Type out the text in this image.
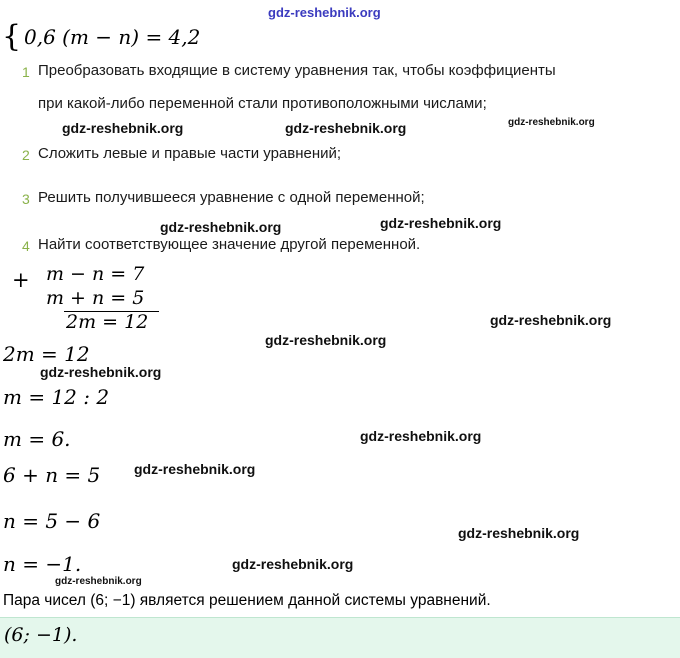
gdz-reshebnik.org
gdz-reshebnik.org	gdz-reshebnik.org	gdz-reshebnik.org
gdz-reshebnik.org	gdz-reshebnik.org
gdz-reshebnik.org
gdz-reshebnik.org
gdz-reshebnik.org
gdz-reshebnik.org
gdz-reshebnik.org
gdz-reshebnik.org
gdz-reshebnik.org
gdz-reshebnik.org
{ 0,6 (m − n) = 4,2
1 Преобразовать входящие в систему уравнения так, чтобы коэффициенты
при какой-либо переменной стали противоположными числами;
2 Сложить левые и правые части уравнений;
3 Решить получившееся уравнение с одной переменной;
4 Найти соответствующее значение другой переменной.
+ m − n = 7
m + n = 5
2m = 12
2m = 12
m = 12 : 2
m = 6.
6 + n = 5
n = 5 − 6
n = −1.
Пара чисел (6; −1) является решением данной системы уравнений.
(6; −1).
